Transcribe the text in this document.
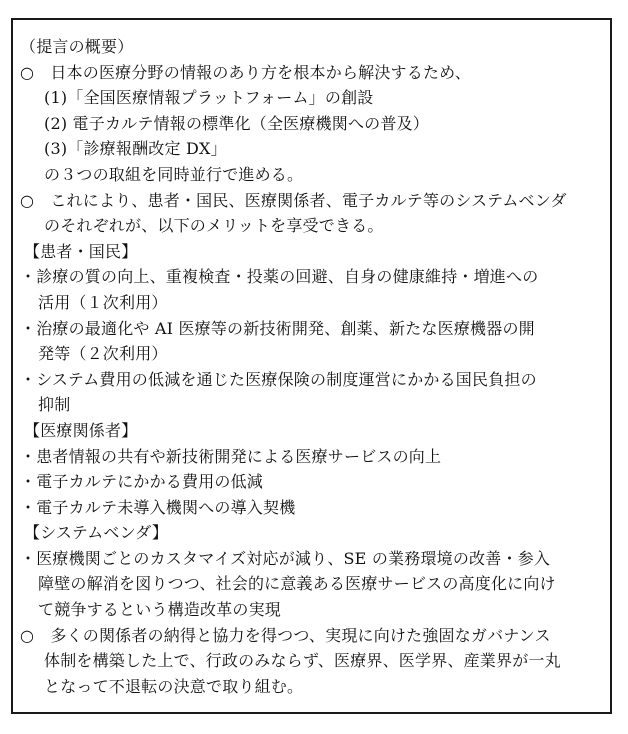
（提言の概要）
○　日本の医療分野の情報のあり方を根本から解決するため、
(1)「全国医療情報プラットフォーム」の創設
(2) 電子カルテ情報の標準化（全医療機関への普及）
(3)「診療報酬改定 DX」
の３つの取組を同時並行で進める。
○　これにより、患者・国民、医療関係者、電子カルテ等のシステムベンダ
のそれぞれが、以下のメリットを享受できる。
【患者・国民】
・診療の質の向上、重複検査・投薬の回避、自身の健康維持・増進への
活用（１次利用）
・治療の最適化や AI 医療等の新技術開発、創薬、新たな医療機器の開
発等（２次利用）
・システム費用の低減を通じた医療保険の制度運営にかかる国民負担の
抑制
【医療関係者】
・患者情報の共有や新技術開発による医療サービスの向上
・電子カルテにかかる費用の低減
・電子カルテ未導入機関への導入契機
【システムベンダ】
・医療機関ごとのカスタマイズ対応が減り、SE の業務環境の改善・参入
障壁の解消を図りつつ、社会的に意義ある医療サービスの高度化に向け
て競争するという構造改革の実現
○　多くの関係者の納得と協力を得つつ、実現に向けた強固なガバナンス
体制を構築した上で、行政のみならず、医療界、医学界、産業界が一丸
となって不退転の決意で取り組む。
